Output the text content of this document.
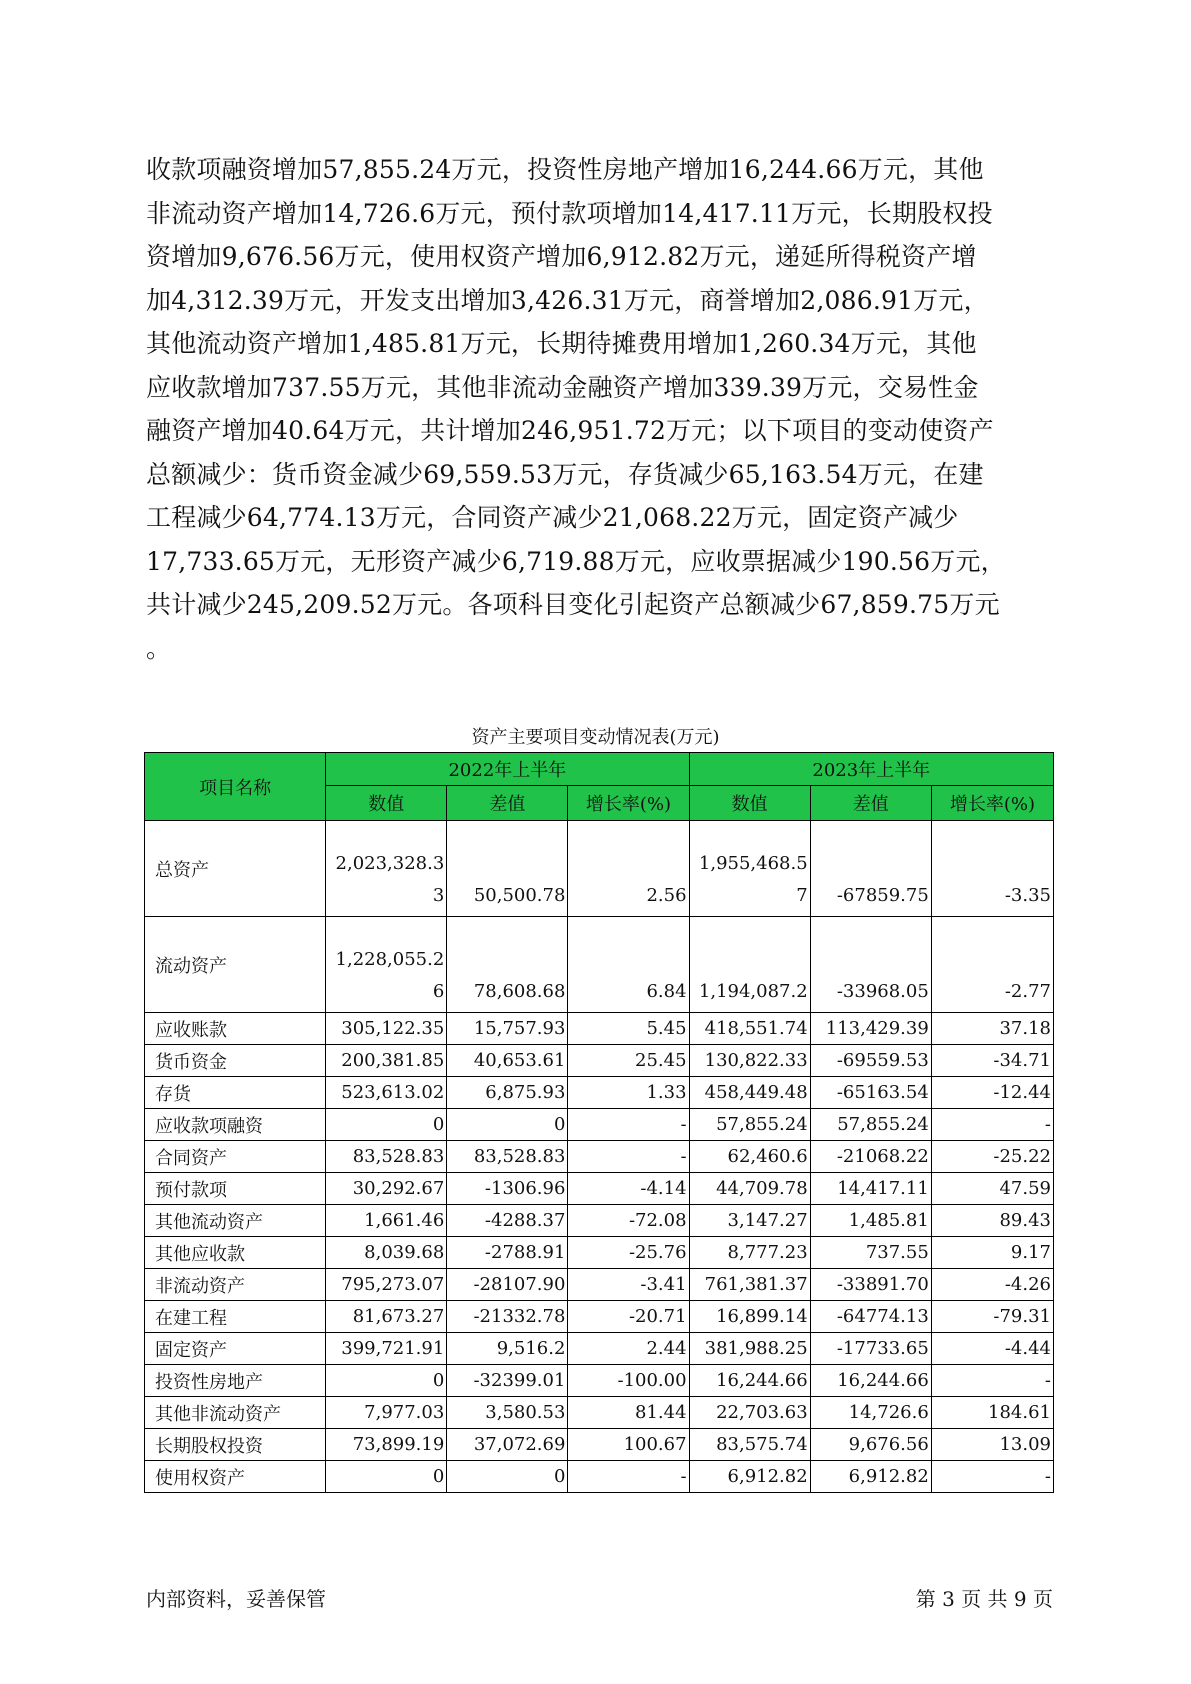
收款项融资增加57,855.24万元，投资性房地产增加16,244.66万元，其他

非流动资产增加14,726.6万元，预付款项增加14,417.11万元，长期股权投

资增加9,676.56万元，使用权资产增加6,912.82万元，递延所得税资产增

加4,312.39万元，开发支出增加3,426.31万元，商誉增加2,086.91万元，

其他流动资产增加1,485.81万元，长期待摊费用增加1,260.34万元，其他

应收款增加737.55万元，其他非流动金融资产增加339.39万元，交易性金

融资产增加40.64万元，共计增加246,951.72万元；以下项目的变动使资产

总额减少：货币资金减少69,559.53万元，存货减少65,163.54万元，在建

工程减少64,774.13万元，合同资产减少21,068.22万元，固定资产减少

17,733.65万元，无形资产减少6,719.88万元，应收票据减少190.56万元，

共计减少245,209.52万元。各项科目变化引起资产总额减少67,859.75万元

。

资产主要项目变动情况表(万元)
项目名称	2022年上半年			2023年上半年		
	数值	差值	增长率(%)	数值	差值	增长率(%)
总资产	2,023,328.33	50,500.78	2.56	1,955,468.57	-67859.75	-3.35
流动资产	1,228,055.26	78,608.68	6.84	1,194,087.2	-33968.05	-2.77
应收账款	305,122.35	15,757.93	5.45	418,551.74	113,429.39	37.18
货币资金	200,381.85	40,653.61	25.45	130,822.33	-69559.53	-34.71
存货	523,613.02	6,875.93	1.33	458,449.48	-65163.54	-12.44
应收款项融资	0	0	-	57,855.24	57,855.24	-
合同资产	83,528.83	83,528.83	-	62,460.6	-21068.22	-25.22
预付款项	30,292.67	-1306.96	-4.14	44,709.78	14,417.11	47.59
其他流动资产	1,661.46	-4288.37	-72.08	3,147.27	1,485.81	89.43
其他应收款	8,039.68	-2788.91	-25.76	8,777.23	737.55	9.17
非流动资产	795,273.07	-28107.90	-3.41	761,381.37	-33891.70	-4.26
在建工程	81,673.27	-21332.78	-20.71	16,899.14	-64774.13	-79.31
固定资产	399,721.91	9,516.2	2.44	381,988.25	-17733.65	-4.44
投资性房地产	0	-32399.01	-100.00	16,244.66	16,244.66	-
其他非流动资产	7,977.03	3,580.53	81.44	22,703.63	14,726.6	184.61
长期股权投资	73,899.19	37,072.69	100.67	83,575.74	9,676.56	13.09
使用权资产	0	0	-	6,912.82	6,912.82	-
内部资料，妥善保管	第 3 页 共 9 页
